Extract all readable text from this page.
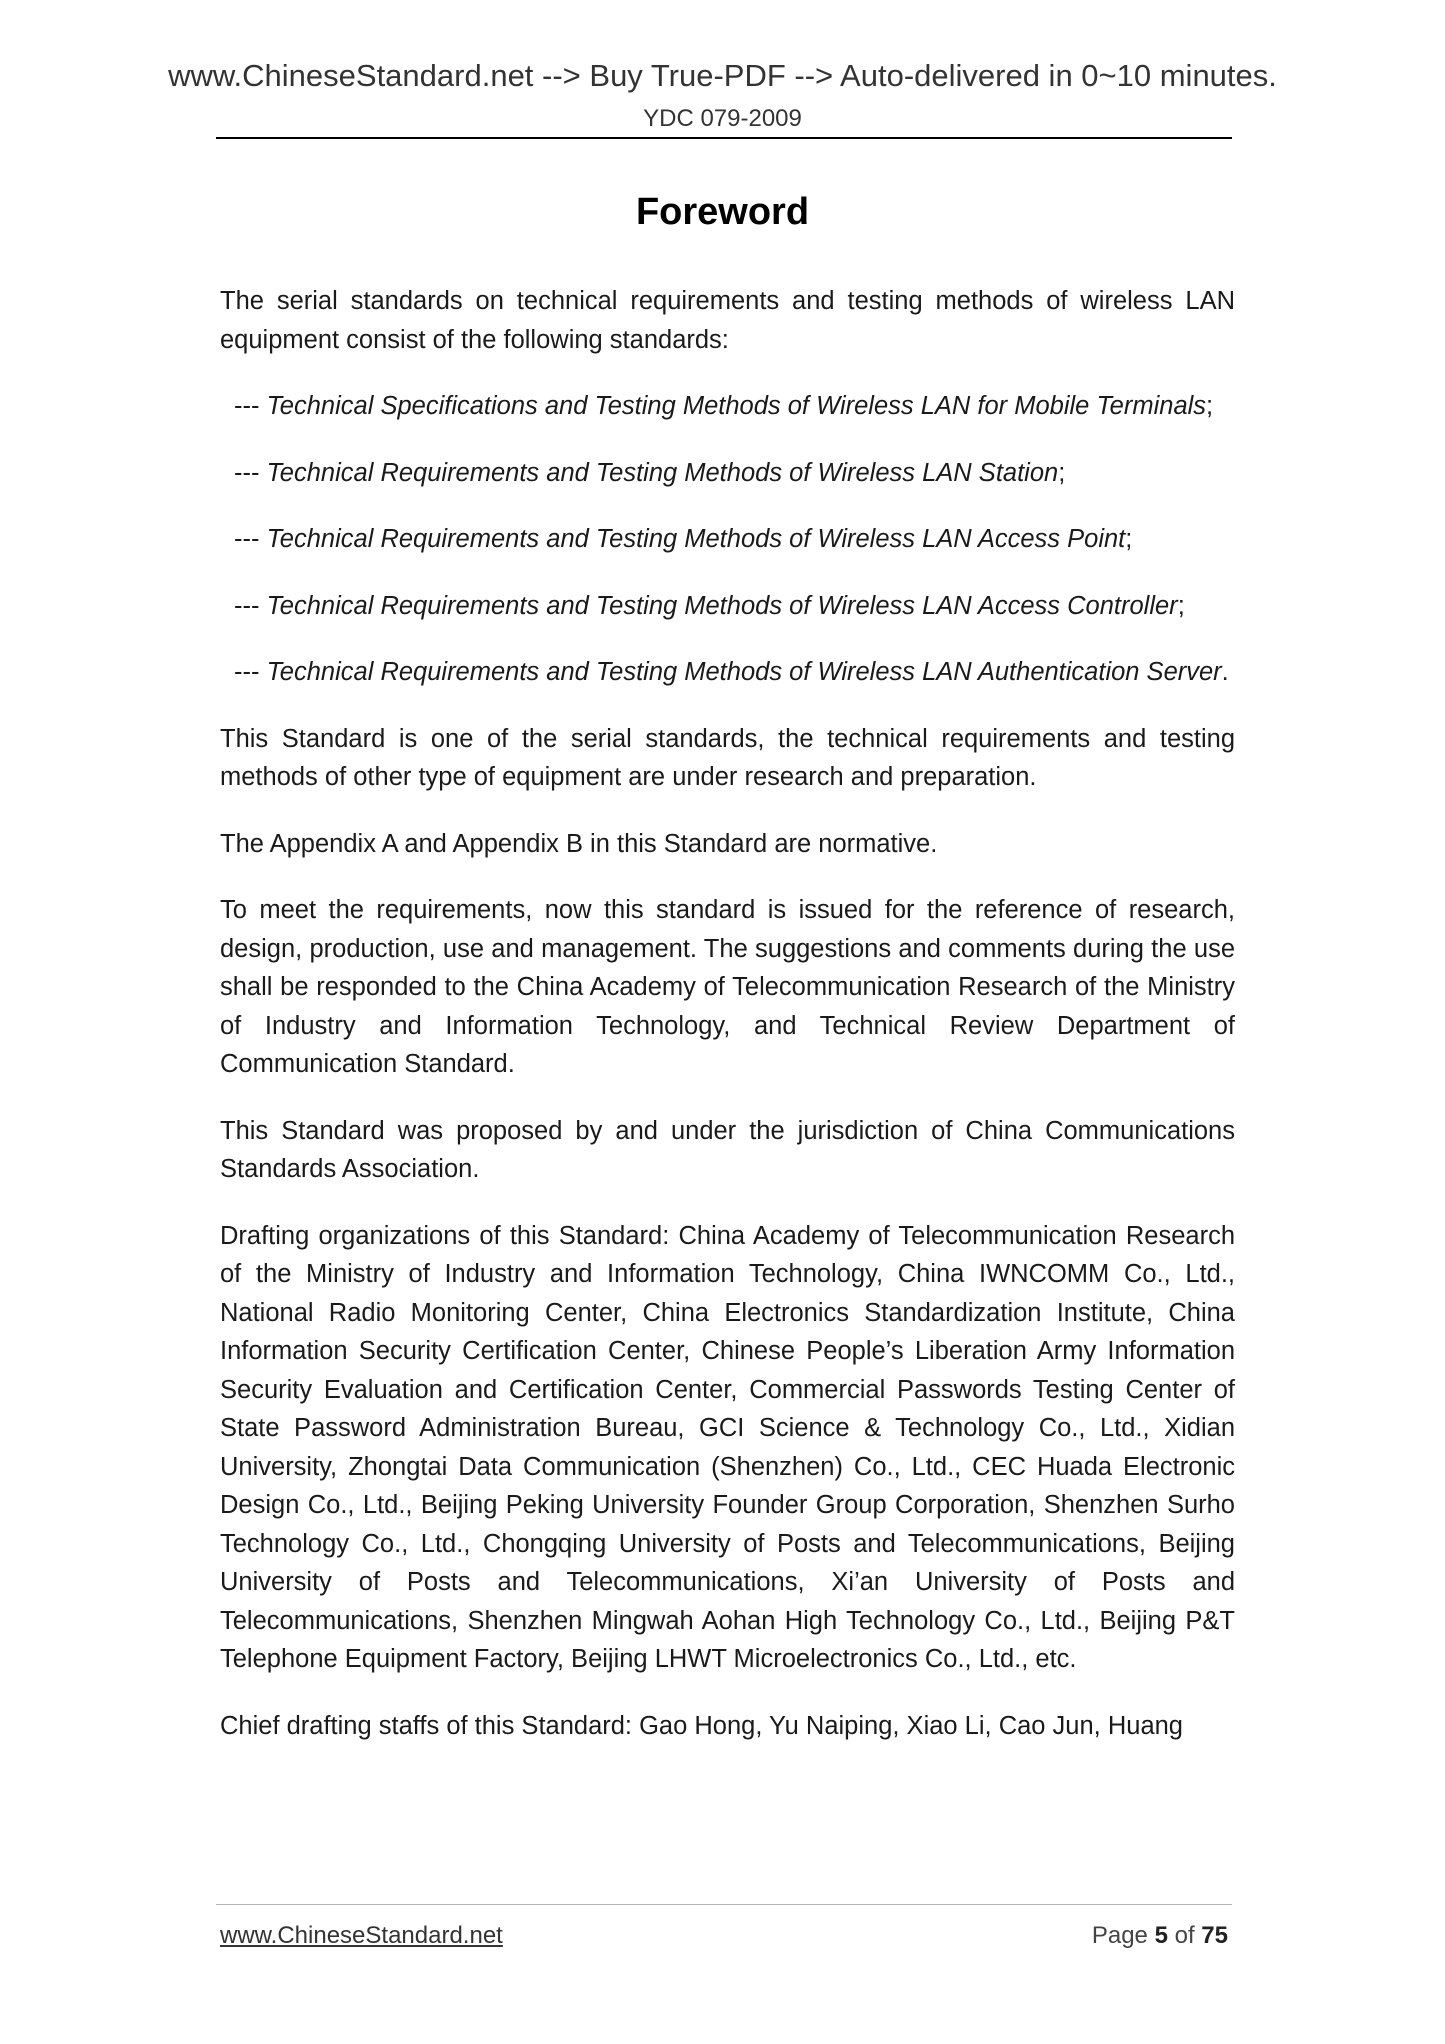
www.ChineseStandard.net --> Buy True-PDF --> Auto-delivered in 0~10 minutes.
YDC 079-2009
Foreword

The serial standards on technical requirements and testing methods of wireless LAN equipment consist of the following standards:

--- Technical Specifications and Testing Methods of Wireless LAN for Mobile Terminals;

--- Technical Requirements and Testing Methods of Wireless LAN Station;

--- Technical Requirements and Testing Methods of Wireless LAN Access Point;

--- Technical Requirements and Testing Methods of Wireless LAN Access Controller;

--- Technical Requirements and Testing Methods of Wireless LAN Authentication Server.

This Standard is one of the serial standards, the technical requirements and testing methods of other type of equipment are under research and preparation.

The Appendix A and Appendix B in this Standard are normative.

To meet the requirements, now this standard is issued for the reference of research, design, production, use and management. The suggestions and comments during the use shall be responded to the China Academy of Telecommunication Research of the Ministry of Industry and Information Technology, and Technical Review Department of Communication Standard.

This Standard was proposed by and under the jurisdiction of China Communications Standards Association.

Drafting organizations of this Standard: China Academy of Telecommunication Research of the Ministry of Industry and Information Technology, China IWNCOMM Co., Ltd., National Radio Monitoring Center, China Electronics Standardization Institute, China Information Security Certification Center, Chinese People’s Liberation Army Information Security Evaluation and Certification Center, Commercial Passwords Testing Center of State Password Administration Bureau, GCI Science & Technology Co., Ltd., Xidian University, Zhongtai Data Communication (Shenzhen) Co., Ltd., CEC Huada Electronic Design Co., Ltd., Beijing Peking University Founder Group Corporation, Shenzhen Surho Technology Co., Ltd., Chongqing University of Posts and Telecommunications, Beijing University of Posts and Telecommunications, Xi’an University of Posts and Telecommunications, Shenzhen Mingwah Aohan High Technology Co., Ltd., Beijing P&T Telephone Equipment Factory, Beijing LHWT Microelectronics Co., Ltd., etc.

Chief drafting staffs of this Standard: Gao Hong, Yu Naiping, Xiao Li, Cao Jun, Huang

www.ChineseStandard.net	Page 5 of 75
